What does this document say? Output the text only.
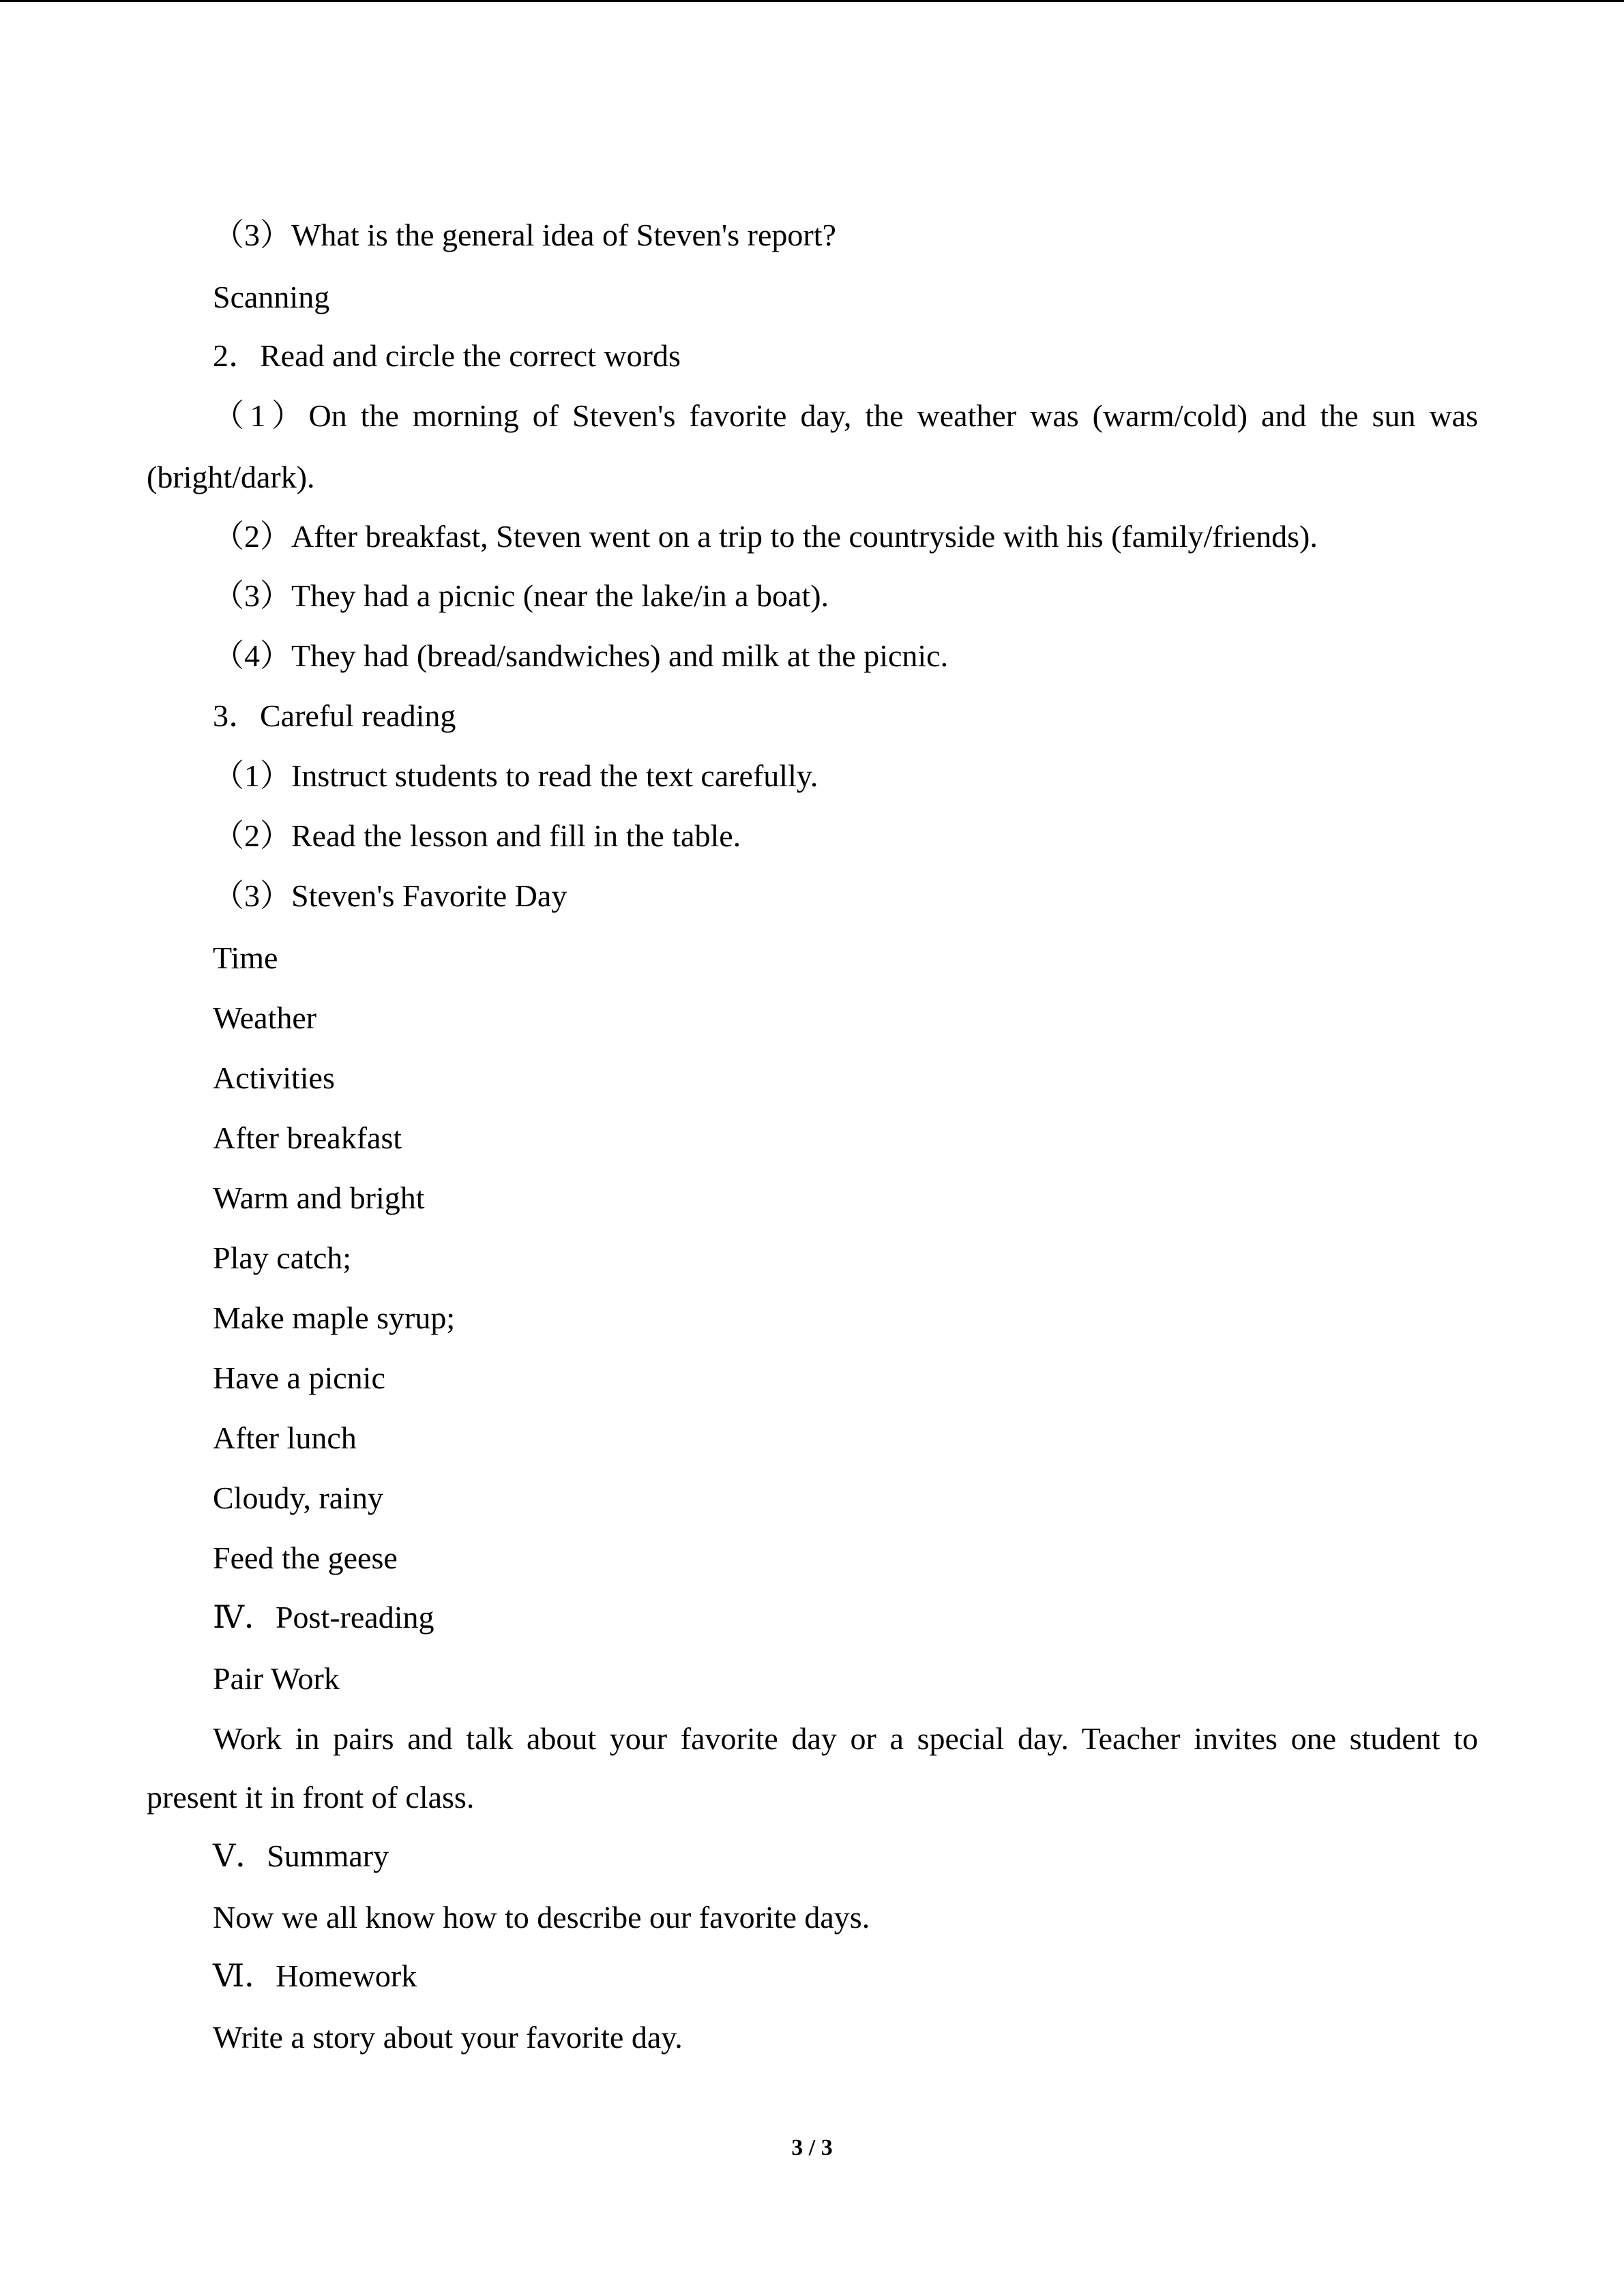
（3）What is the general idea of Steven's report?
Scanning
2．Read and circle the correct words
（1）On the morning of Steven's favorite day, the weather was (warm/cold) and the sun was
(bright/dark).
（2）After breakfast, Steven went on a trip to the countryside with his (family/friends).
（3）They had a picnic (near the lake/in a boat).
（4）They had (bread/sandwiches) and milk at the picnic.
3．Careful reading
（1）Instruct students to read the text carefully.
（2）Read the lesson and fill in the table.
（3）Steven's Favorite Day
Time
Weather
Activities
After breakfast
Warm and bright
Play catch;
Make maple syrup;
Have a picnic
After lunch
Cloudy, rainy
Feed the geese
Ⅳ．Post-reading
Pair Work
Work in pairs and talk about your favorite day or a special day. Teacher invites one student to
present it in front of class.
Ⅴ．Summary
Now we all know how to describe our favorite days.
Ⅵ．Homework
Write a story about your favorite day.
3 / 3
